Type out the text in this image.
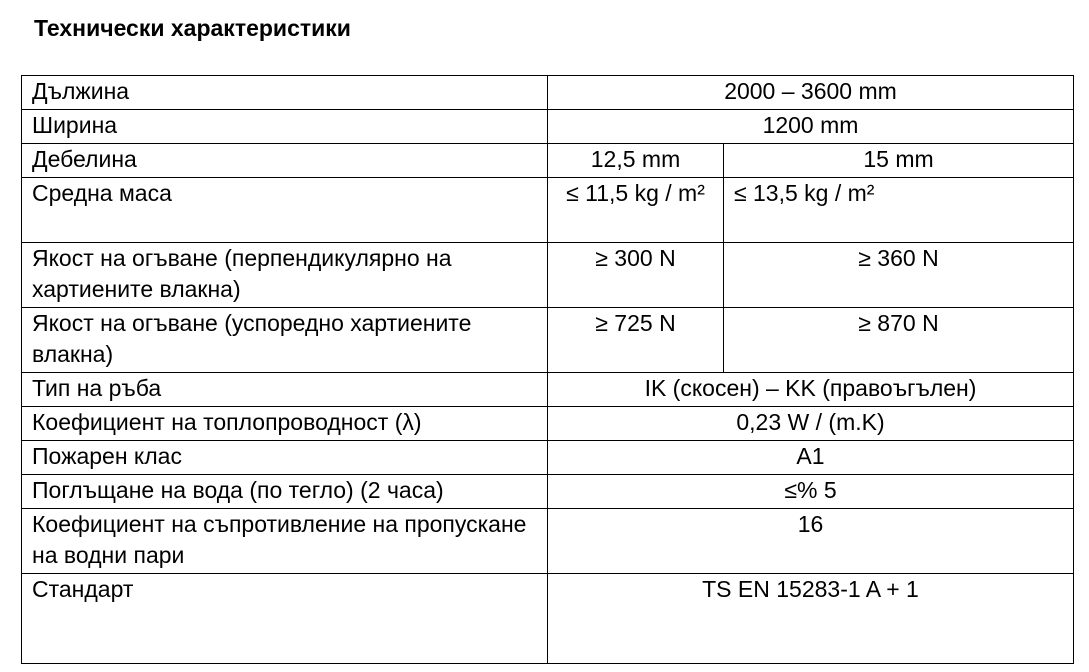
Технически характеристики
Дължина	2000 – 3600 mm	
Ширина	1200 mm	
Дебелина	12,5 mm	15 mm
Средна маса	≤ 11,5 kg / m²	≤ 13,5 kg / m²
Якост на огъване (перпендикулярно на хартиените влакна)	≥ 300 N	≥ 360 N
Якост на огъване (успоредно хартиените влакна)	≥ 725 N	≥ 870 N
Тип на ръба	IK (скосен) – KK (правоъгълен)	
Коефициент на топлопроводност (λ)	0,23 W / (m.K)	
Пожарен клас	A1	
Поглъщане на вода (по тегло) (2 часа)	≤% 5	
Коефициент на съпротивление на пропускане на водни пари	16	
Стандарт	TS EN 15283-1 A + 1	
